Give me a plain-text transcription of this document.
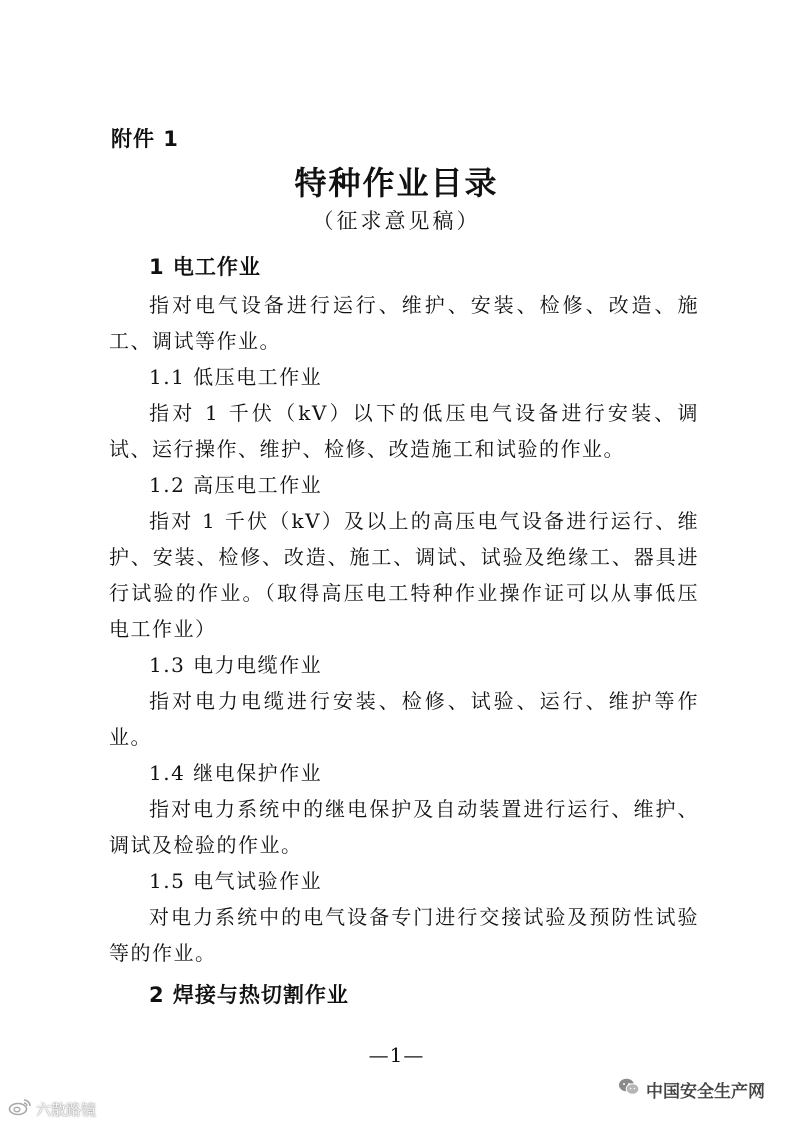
附件 1
特种作业目录
（征求意见稿）

1 电工作业

指对电气设备进行运行、维护、安装、检修、改造、施工、调试等作业。

1.1 低压电工作业

指对 1 千伏（kV）以下的低压电气设备进行安装、调试、运行操作、维护、检修、改造施工和试验的作业。

1.2 高压电工作业

指对 1 千伏（kV）及以上的高压电气设备进行运行、维护、安装、检修、改造、施工、调试、试验及绝缘工、器具进行试验的作业。（取得高压电工特种作业操作证可以从事低压电工作业）

1.3 电力电缆作业

指对电力电缆进行安装、检修、试验、运行、维护等作业。

1.4 继电保护作业

指对电力系统中的继电保护及自动装置进行运行、维护、调试及检验的作业。

1.5 电气试验作业

对电力系统中的电气设备专门进行交接试验及预防性试验等的作业。

2 焊接与热切割作业

—1—
中国安全生产网
六散路镜
